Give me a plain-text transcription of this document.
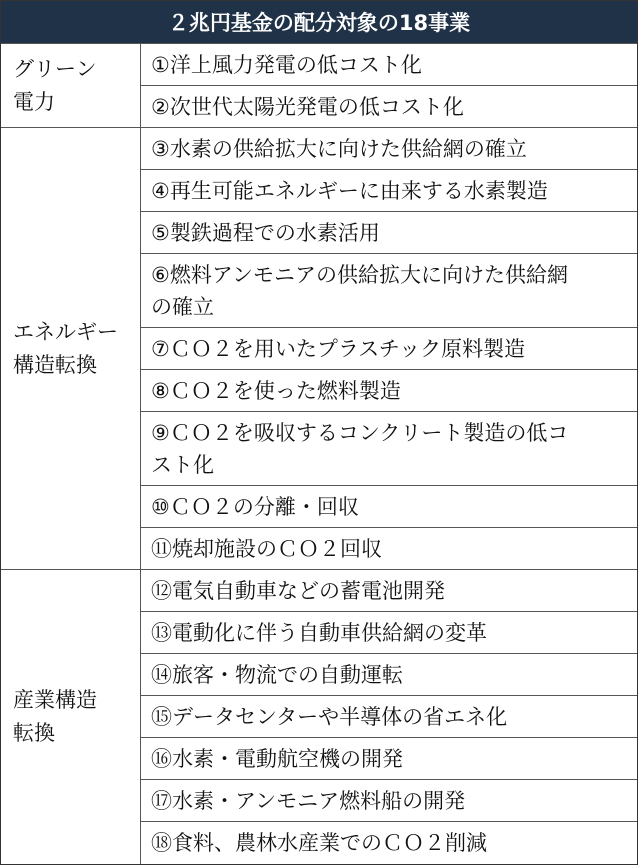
２兆円基金の配分対象の18事業
グリーン
電力
エネルギー
構造転換
産業構造
転換
①洋上風力発電の低コスト化
②次世代太陽光発電の低コスト化
③水素の供給拡大に向けた供給網の確立
④再生可能エネルギーに由来する水素製造
⑤製鉄過程での水素活用
⑥燃料アンモニアの供給拡大に向けた供給網
の確立
⑦ＣＯ２を用いたプラスチック原料製造
⑧ＣＯ２を使った燃料製造
⑨ＣＯ２を吸収するコンクリート製造の低コ
スト化
⑩ＣＯ２の分離・回収
⑪焼却施設のＣＯ２回収
⑫電気自動車などの蓄電池開発
⑬電動化に伴う自動車供給網の変革
⑭旅客・物流での自動運転
⑮データセンターや半導体の省エネ化
⑯水素・電動航空機の開発
⑰水素・アンモニア燃料船の開発
⑱食料、農林水産業でのＣＯ２削減
